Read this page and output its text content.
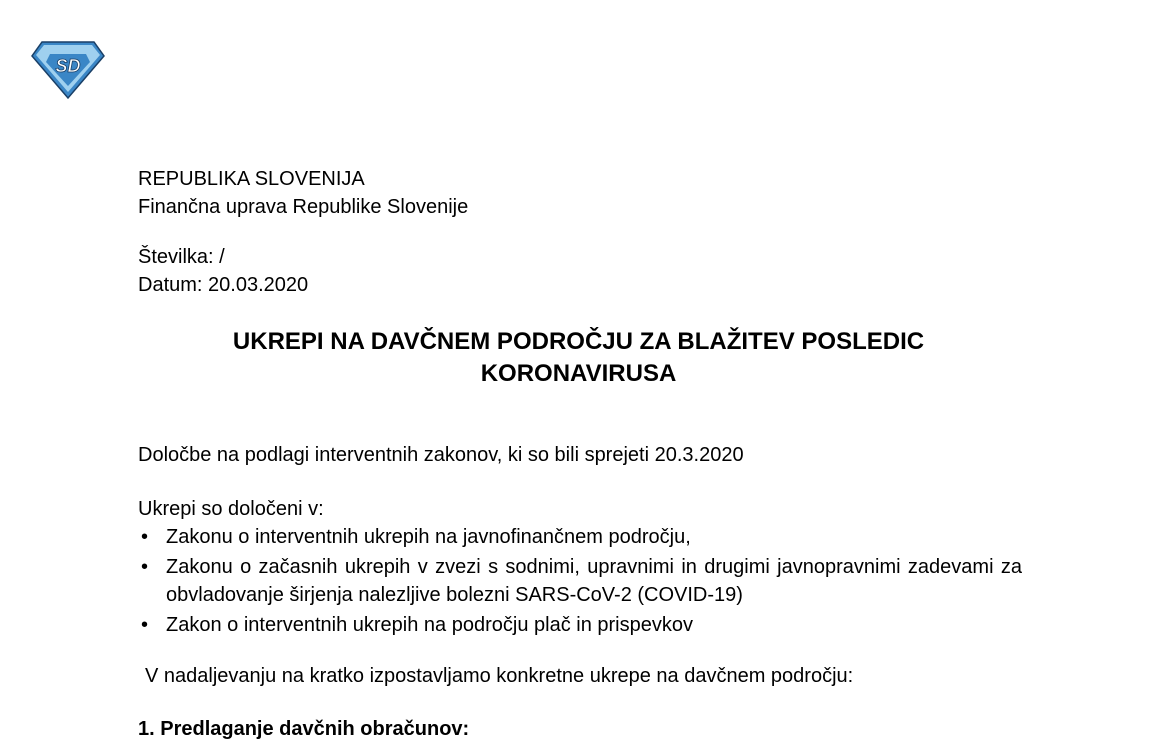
SD
REPUBLIKA SLOVENIJA
Finančna uprava Republike Slovenije
Številka: /
Datum: 20.03.2020
UKREPI NA DAVČNEM PODROČJU ZA BLAŽITEV POSLEDIC
KORONAVIRUSA
Določbe na podlagi interventnih zakonov, ki so bili sprejeti 20.3.2020
Ukrepi so določeni v:
• Zakonu o interventnih ukrepih na javnofinančnem področju,
• Zakonu o začasnih ukrepih v zvezi s sodnimi, upravnimi in drugimi javnopravnimi zadevami za obvladovanje širjenja nalezljive bolezni SARS-CoV-2 (COVID-19)
• Zakon o interventnih ukrepih na področju plač in prispevkov
V nadaljevanju na kratko izpostavljamo konkretne ukrepe na davčnem področju:
1. Predlaganje davčnih obračunov:
